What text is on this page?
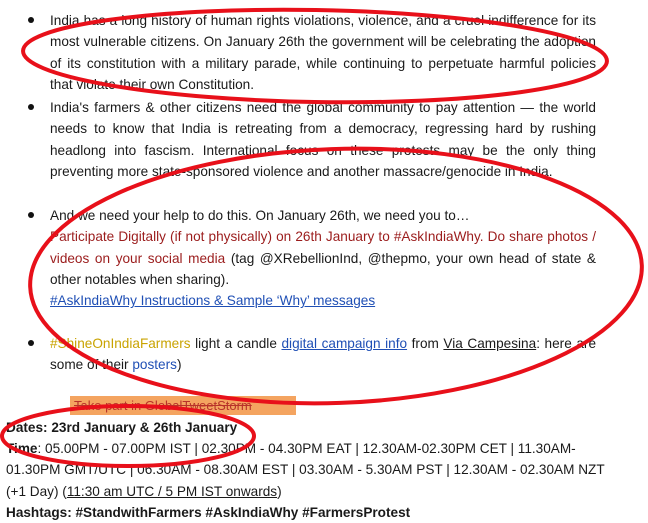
India has a long history of human rights violations, violence, and a cruel indifference for its most vulnerable citizens. On January 26th the government will be celebrating the adoption of its constitution with a military parade, while continuing to perpetuate harmful policies that violate their own Constitution.
India's farmers & other citizens need the global community to pay attention — the world needs to know that India is retreating from a democracy, regressing hard by rushing headlong into fascism. International focus on these protests may be the only thing preventing more state-sponsored violence and another massacre/genocide in India.
And we need your help to do this. On January 26th, we need you to…
Participate Digitally (if not physically) on 26th January to #AskIndiaWhy. Do share photos / videos on your social media (tag @XRebellionInd, @thepmo, your own head of state & other notables when sharing).
#AskIndiaWhy Instructions & Sample ‘Why’ messages
#ShineOnIndiaFarmers light a candle digital campaign info from Via Campesina: here are some of their posters)
Take part in GlobalTweetStorm
Dates: 23rd January & 26th January
Time: 05.00PM - 07.00PM IST | 02.30PM - 04.30PM EAT | 12.30AM-02.30PM CET | 11.30AM-01.30PM GMT/UTC | 06.30AM - 08.30AM EST | 03.30AM - 5.30AM PST | 12.30AM - 02.30AM NZT (+1 Day) (11:30 am UTC / 5 PM IST onwards)
Hashtags: #StandwithFarmers #AskIndiaWhy #FarmersProtest
